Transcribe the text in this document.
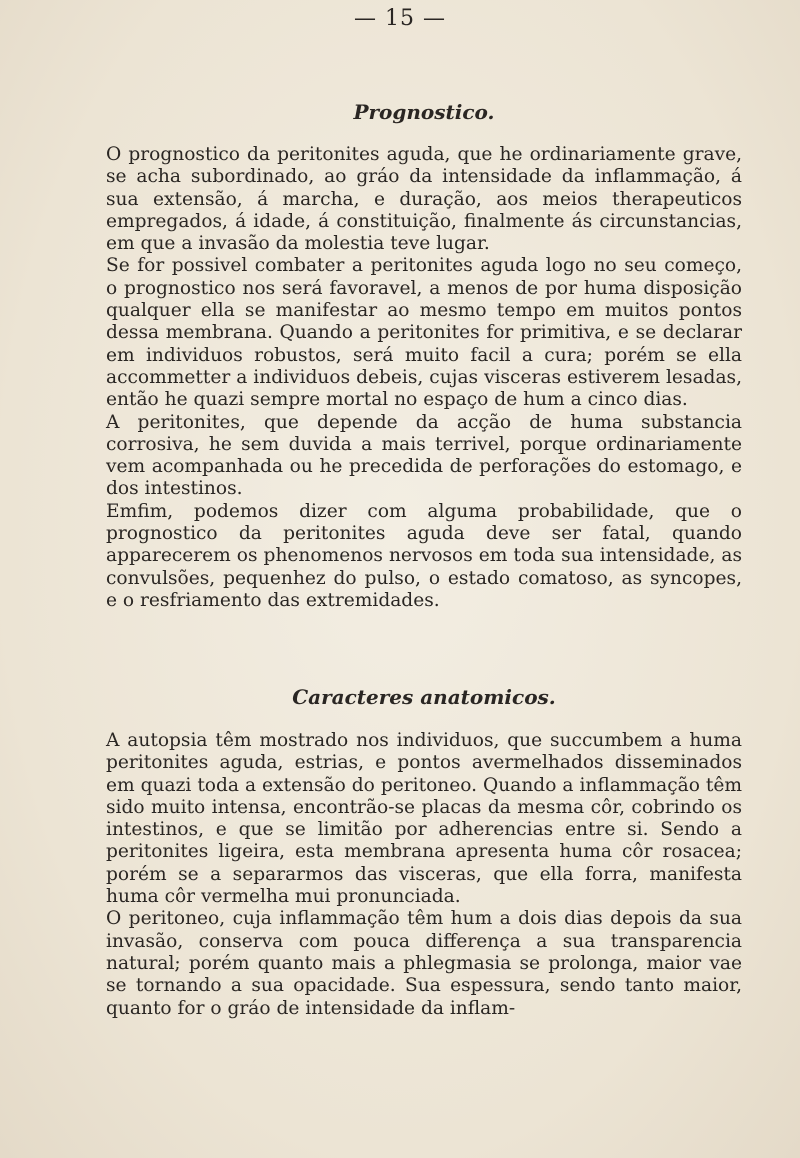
— 15 —
Prognostico.

O prognostico da peritonites aguda, que he ordinariamente grave, se acha subordinado, ao gráo da intensidade da inflammação, á sua extensão, á marcha, e duração, aos meios therapeuticos empregados, á idade, á constituição, finalmente ás circunstancias, em que a invasão da molestia teve lugar.

Se for possivel combater a peritonites aguda logo no seu começo, o prognostico nos será favoravel, a menos de por huma disposição qualquer ella se manifestar ao mesmo tempo em muitos pontos dessa membrana. Quando a peritonites for primitiva, e se declarar em individuos robustos, será muito facil a cura; porém se ella accommetter a individuos debeis, cujas visceras estiverem lesadas, então he quazi sempre mortal no espaço de hum a cinco dias.

A peritonites, que depende da acção de huma substancia corrosiva, he sem duvida a mais terrivel, porque ordinariamente vem acompanhada ou he precedida de perforações do estomago, e dos intestinos.

Emfim, podemos dizer com alguma probabilidade, que o prognostico da peritonites aguda deve ser fatal, quando apparecerem os phenomenos nervosos em toda sua intensidade, as convulsões, pequenhez do pulso, o estado comatoso, as syncopes, e o resfriamento das extremidades.

Caracteres anatomicos.

A autopsia têm mostrado nos individuos, que succumbem a huma peritonites aguda, estrias, e pontos avermelhados disseminados em quazi toda a extensão do peritoneo. Quando a inflammação têm sido muito intensa, encontrão-se placas da mesma côr, cobrindo os intestinos, e que se limitão por adherencias entre si. Sendo a peritonites ligeira, esta membrana apresenta huma côr rosacea; porém se a separarmos das visceras, que ella forra, manifesta huma côr vermelha mui pronunciada.

O peritoneo, cuja inflammação têm hum a dois dias depois da sua invasão, conserva com pouca differença a sua transparencia natural; porém quanto mais a phlegmasia se prolonga, maior vae se tornando a sua opacidade. Sua espessura, sendo tanto maior, quanto for o gráo de intensidade da inflam-
